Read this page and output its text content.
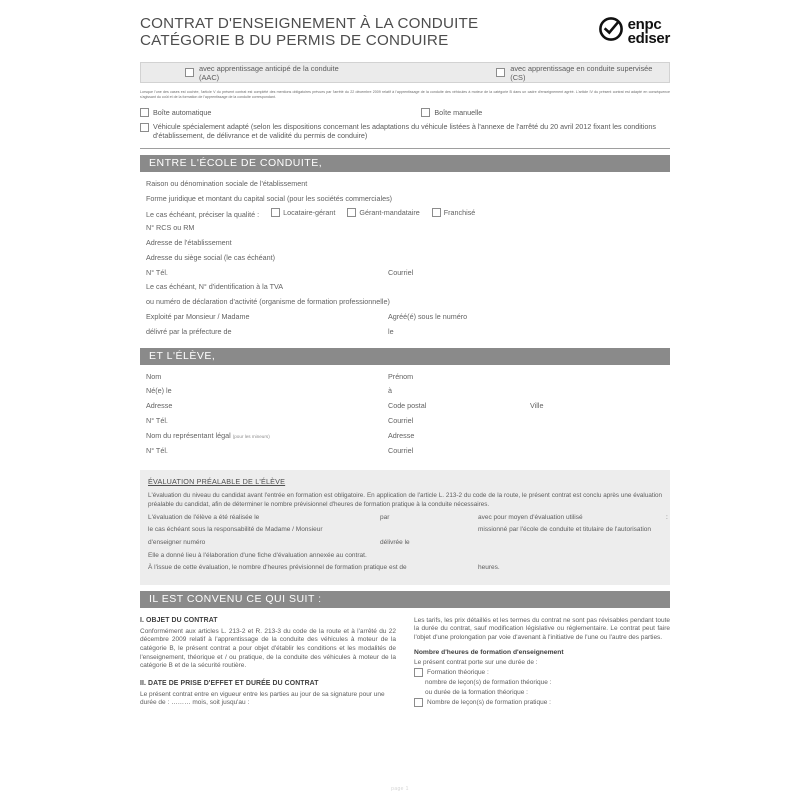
CONTRAT D'ENSEIGNEMENT À LA CONDUITE
CATÉGORIE B DU PERMIS DE CONDUIRE
enpc
ediser
avec apprentissage anticipé de la conduite (AAC)
avec apprentissage en conduite supervisée (CS)
Lorsque l'une des cases est cochée, l'article V du présent contrat est complété des mentions obligatoires prévues par l'arrêté du 22 décembre 2009 relatif à l'apprentissage de la conduite des véhicules à moteur de la catégorie B dans un cadre d'enseignement agréé. L'article IV du présent contrat est adapté en conséquence s'agissant du coût et de la formation de l'apprentissage de la conduite correspondant.
Boîte automatique	Boîte manuelle
Véhicule spécialement adapté (selon les dispositions concernant les adaptations du véhicule listées à l'annexe de l'arrêté du 20 avril 2012 fixant les conditions d'établissement, de délivrance et de validité du permis de conduire)
ENTRE L'ÉCOLE DE CONDUITE,
Raison ou dénomination sociale de l'établissement
Forme juridique et montant du capital social (pour les sociétés commerciales)
Le cas échéant, préciser la qualité :	Locataire-gérant
	Gérant-mandataire
	Franchisé
N° RCS ou RM
Adresse de l'établissement
Adresse du siège social (le cas échéant)
N° Tél.	Courriel
Le cas échéant, N° d'identification à la TVA
ou numéro de déclaration d'activité (organisme de formation professionnelle)
Exploité par Monsieur / Madame	Agréé(é) sous le numéro
délivré par la préfecture de	le
ET L'ÉLÈVE,
Nom	Prénom
Né(e) le	à
Adresse	Code postal	Ville
N° Tél.	Courriel
Nom du représentant légal (pour les mineurs)	Adresse
N° Tél.	Courriel
ÉVALUATION PRÉALABLE DE L'ÉLÈVE
L'évaluation du niveau du candidat avant l'entrée en formation est obligatoire. En application de l'article L. 213-2 du code de la route, le présent contrat est conclu après une évaluation préalable du candidat, afin de déterminer le nombre prévisionnel d'heures de formation pratique à la conduite nécessaires.
L'évaluation de l'élève a été réalisée le	par	avec pour moyen d'évaluation utilisé	:
le cas échéant sous la responsabilité de Madame / Monsieur	missionné par l'école de conduite et titulaire de l'autorisation
d'enseigner numéro	délivrée le
Elle a donné lieu à l'élaboration d'une fiche d'évaluation annexée au contrat.
À l'issue de cette évaluation, le nombre d'heures prévisionnel de formation pratique est de	heures.
IL EST CONVENU CE QUI SUIT :
I. OBJET DU CONTRAT

Conformément aux articles L. 213-2 et R. 213-3 du code de la route et à l'arrêté du 22 décembre 2009 relatif à l'apprentissage de la conduite des véhicules à moteur de la catégorie B, le présent contrat a pour objet d'établir les conditions et les modalités de l'enseignement, théorique et / ou pratique, de la conduite des véhicules à moteur de la catégorie B et de la sécurité routière.

II. DATE DE PRISE D'EFFET ET DURÉE DU CONTRAT

Le présent contrat entre en vigueur entre les parties au jour de sa signature pour une durée de : ……… mois, soit jusqu'au :

Les tarifs, les prix détaillés et les termes du contrat ne sont pas révisables pendant toute la durée du contrat, sauf modification législative ou réglementaire. Le contrat peut faire l'objet d'une prolongation par voie d'avenant à l'initiative de l'une ou l'autre des parties.

Nombre d'heures de formation d'enseignement
Le présent contrat porte sur une durée de :
Formation théorique :
nombre de leçon(s) de formation théorique :
ou durée de la formation théorique :
Nombre de leçon(s) de formation pratique :
page 1
